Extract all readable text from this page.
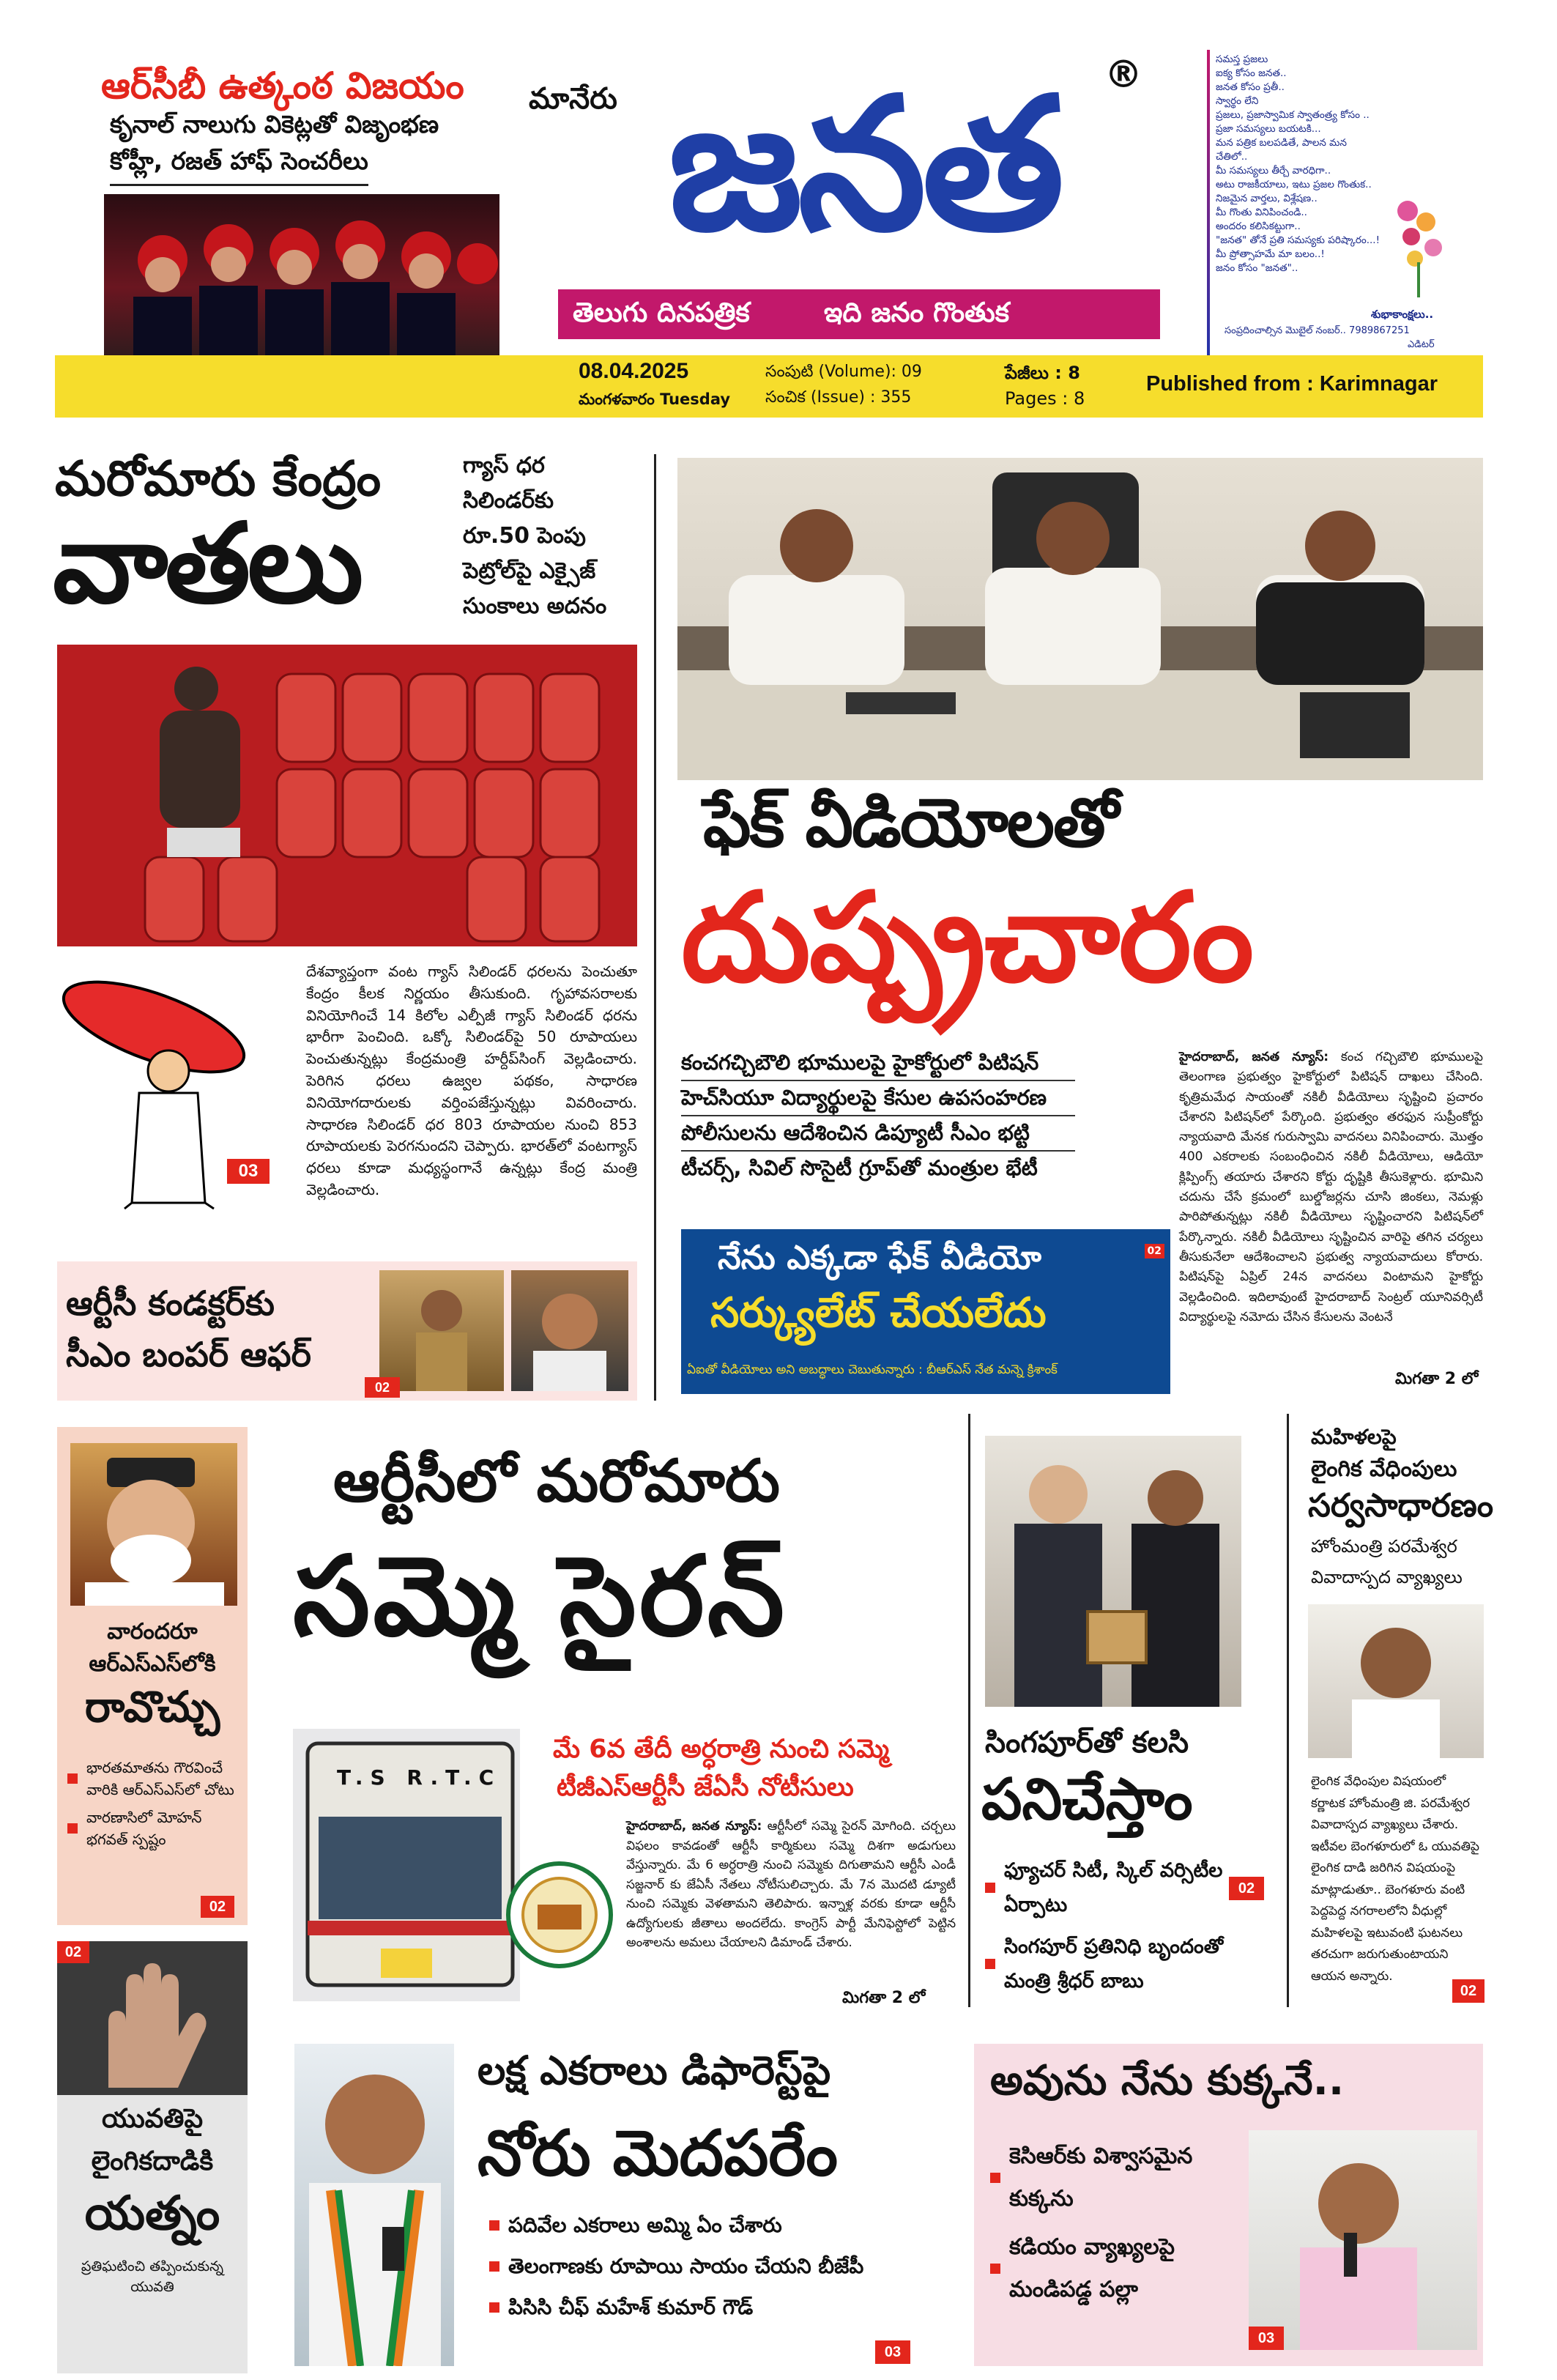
ఆర్‌సీబీ ఉత్కంఠ విజయం
కృనాల్ నాలుగు వికెట్లతో విజృంభణ
కోహ్లీ, రజత్ హాఫ్ సెంచరీలు
మానేరు జనత	®
తెలుగు దినపత్రిక	ఇది జనం గొంతుక
సమస్త ప్రజలు
ఐక్య కోసం జనత..
జనత కోసం ప్రతీ..
స్వార్థం లేని
ప్రజలు, ప్రజాస్వామిక స్వాతంత్ర్య కోసం ..
ప్రజా సమస్యలు బయటకి...
మన పత్రిక బలపడితే, పాలన మన చేతిలో..
మీ సమస్యలు తీర్చే వారధిగా..
అటు రాజకీయాలు, ఇటు ప్రజల గొంతుక..
నిజమైన వార్తలు, విశ్లేషణ..
మీ గొంతు వినిపించండి..
అందరం కలిసికట్టుగా..
"జనత" తోనే ప్రతి సమస్యకు పరిష్కారం...!
మీ ప్రోత్సాహమే మా బలం..!
జనం కోసం "జనత"..
శుభాకాంక్షలు..
సంప్రదించాల్సిన మొబైల్ నంబర్.. 7989867251
ఎడిటర్
08.04.2025
మంగళవారం Tuesday
సంపుటి (Volume): 09
సంచిక (Issue) : 355
పేజీలు : 8
Pages : 8
Published from : Karimnagar
మరోమారు కేంద్రం
వాతలు
గ్యాస్ ధర
సిలిండర్‌కు
రూ.50 పెంపు
పెట్రోల్‌పై ఎక్సైజ్
సుంకాలు అదనం
03
దేశవ్యాప్తంగా వంట గ్యాస్ సిలిండర్ ధరలను పెంచుతూ కేంద్రం కీలక నిర్ణయం తీసుకుంది. గృహావసరాలకు వినియోగించే 14 కిలోల ఎల్పీజీ గ్యాస్ సిలిండర్ ధరను భారీగా పెంచింది. ఒక్కో సిలిండర్‌పై 50 రూపాయలు పెంచుతున్నట్లు కేంద్రమంత్రి హర్దీప్‌సింగ్ వెల్లడించారు. పెరిగిన ధరలు ఉజ్వల పథకం, సాధారణ వినియోగదారులకు వర్తింపజేస్తున్నట్లు వివరించారు. సాధారణ సిలిండర్ ధర 803 రూపాయల నుంచి 853 రూపాయలకు పెరగనుందని చెప్పారు. భారత్‌లో వంటగ్యాస్ ధరలు కూడా మధ్యస్థంగానే ఉన్నట్లు కేంద్ర మంత్రి వెల్లడించారు.
ఆర్టీసీ కండక్టర్‌కు
సీఎం బంపర్ ఆఫర్
02
ఫేక్ వీడియోలతో
దుష్ప్రచారం
కంచగచ్చిబౌలి భూములపై హైకోర్టులో పిటిషన్
హెచ్‌సియూ విద్యార్థులపై కేసుల ఉపసంహరణ
పోలీసులను ఆదేశించిన డిప్యూటీ సీఎం భట్టి
టీచర్స్, సివిల్ సొసైటీ గ్రూప్‌తో మంత్రుల భేటీ
నేను ఎక్కడా ఫేక్ వీడియో
సర్క్యులేట్ చేయలేదు
ఏఐతో వీడియోలు అని అబద్ధాలు చెబుతున్నారు : బీఆర్ఎస్ నేత మన్నె క్రిశాంక్
02
హైదరాబాద్, జనత న్యూస్: కంచ గచ్చిబౌలి భూములపై తెలంగాణ ప్రభుత్వం హైకోర్టులో పిటిషన్ దాఖలు చేసింది. కృత్రిమమేధ సాయంతో నకిలీ వీడియోలు సృష్టించి ప్రచారం చేశారని పిటిషన్‌లో పేర్కొంది. ప్రభుత్వం తరఫున సుప్రీంకోర్టు న్యాయవాది మేనక గురుస్వామి వాదనలు వినిపించారు. మొత్తం 400 ఎకరాలకు సంబంధించిన నకిలీ వీడియోలు, ఆడియో క్లిప్పింగ్స్ తయారు చేశారని కోర్టు దృష్టికి తీసుకెళ్లారు. భూమిని చదును చేసే క్రమంలో బుల్డోజర్లను చూసి జింకలు, నెమళ్లు పారిపోతున్నట్లు నకిలీ వీడియోలు సృష్టించారని పిటిషన్‌లో పేర్కొన్నారు. నకిలీ వీడియోలు సృష్టించిన వారిపై తగిన చర్యలు తీసుకునేలా ఆదేశించాలని ప్రభుత్వ న్యాయవాదులు కోరారు. పిటిషన్‌పై ఏప్రిల్ 24న వాదనలు వింటామని హైకోర్టు వెల్లడించింది. ఇదిలావుంటే హైదరాబాద్ సెంట్రల్ యూనివర్సిటీ విద్యార్థులపై నమోదు చేసిన కేసులను వెంటనే
మిగతా 2 లో
వారందరూ
ఆర్‌ఎస్‌ఎస్‌లోకి
రావొచ్చు
భారతమాతను గౌరవించే వారికి ఆర్ఎస్ఎస్‌లో చోటు
వారణాసిలో మోహన్ భగవత్ స్పష్టం
02
ఆర్టీసీలో మరోమారు
సమ్మె సైరన్
T.S R.T.C
మే 6వ తేదీ అర్ధరాత్రి నుంచి సమ్మె
టీజీఎస్ఆర్టీసీ జేఏసీ నోటీసులు
హైదరాబాద్, జనత న్యూస్: ఆర్టీసీలో సమ్మె సైరన్ మోగింది. చర్చలు విఫలం కావడంతో ఆర్టీసీ కార్మికులు సమ్మె దిశగా అడుగులు వేస్తున్నారు. మే 6 అర్ధరాత్రి నుంచి సమ్మెకు దిగుతామని ఆర్టీసీ ఎండీ సజ్జనార్ కు జేఏసీ నేతలు నోటీసులిచ్చారు. మే 7న మొదటి డ్యూటీ నుంచి సమ్మెకు వెళతామని తెలిపారు. ఇన్నాళ్ల వరకు కూడా ఆర్టీసీ ఉద్యోగులకు జీతాలు అందలేదు. కాంగ్రెస్ పార్టీ మేనిఫెస్టోలో పెట్టిన అంశాలను అమలు చేయాలని డిమాండ్ చేశారు.
మిగతా 2 లో
సింగపూర్‌తో కలసి
పనిచేస్తాం
ఫ్యూచర్ సిటీ, స్కిల్ వర్సిటీల ఏర్పాటు
సింగపూర్ ప్రతినిధి బృందంతో మంత్రి శ్రీధర్ బాబు
02
మహిళలపై
లైంగిక వేధింపులు
సర్వసాధారణం
హోంమంత్రి పరమేశ్వర వివాదాస్పద వ్యాఖ్యలు
లైంగిక వేధింపుల విషయంలో కర్ణాటక హోంమంత్రి జి. పరమేశ్వర వివాదాస్పద వ్యాఖ్యలు చేశారు. ఇటీవల బెంగళూరులో ఓ యువతిపై లైంగిక దాడి జరిగిన విషయంపై మాట్లాడుతూ.. బెంగళూరు వంటి పెద్దపెద్ద నగరాలలోని వీధుల్లో మహిళలపై ఇటువంటి ఘటనలు తరచుగా జరుగుతుంటాయని ఆయన అన్నారు.
02
02
యువతిపై
లైంగికదాడికి
యత్నం
ప్రతిఘటించి తప్పించుకున్న యువతి
లక్ష ఎకరాలు డిఫారెస్ట్‌పై
నోరు మెదపరేం
పదివేల ఎకరాలు అమ్మి ఏం చేశారు
తెలంగాణకు రూపాయి సాయం చేయని బీజేపీ
పిసిసి చీఫ్ మహేశ్ కుమార్ గౌడ్
03
అవును నేను కుక్కనే..
కెసిఆర్‌కు విశ్వాసమైన కుక్కను
కడియం వ్యాఖ్యలపై మండిపడ్డ పల్లా
03
